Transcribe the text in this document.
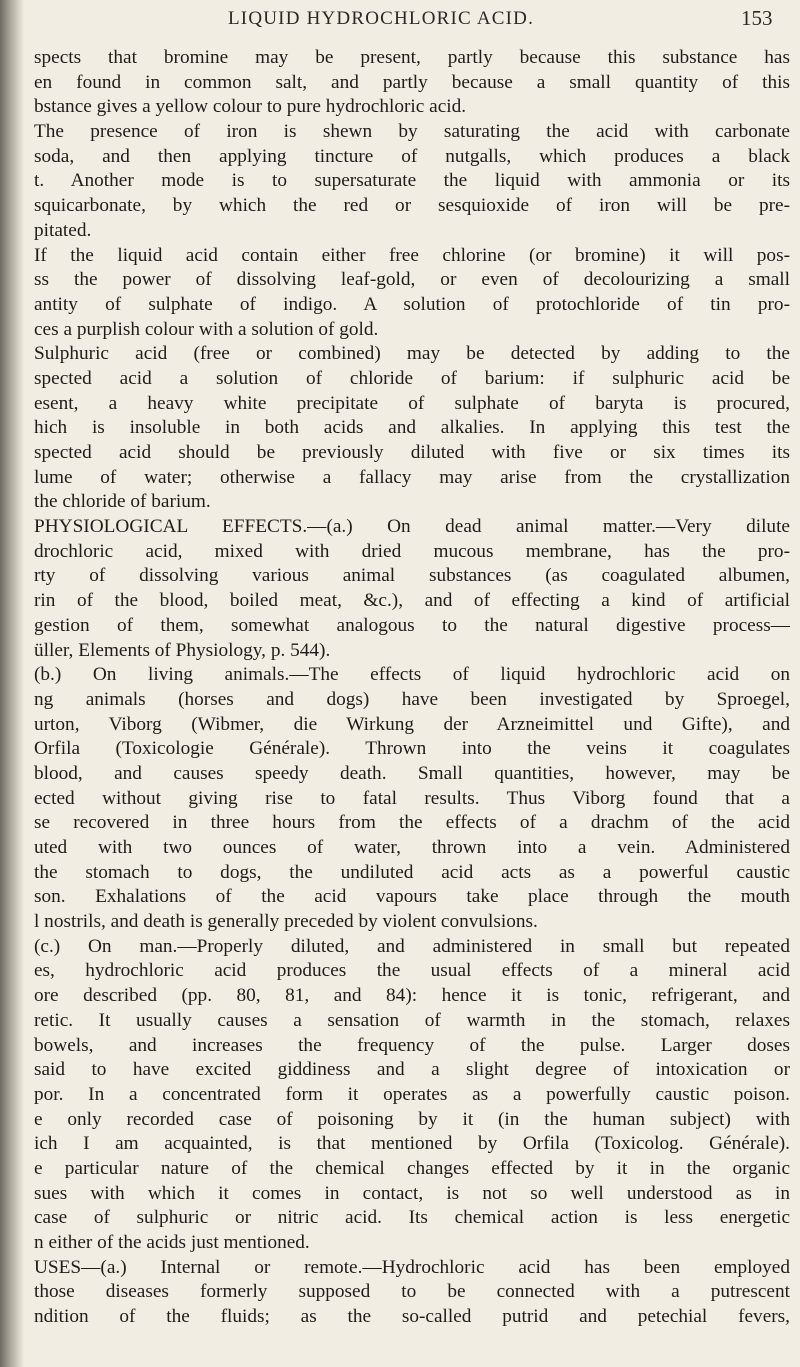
LIQUID HYDROCHLORIC ACID.	153
spects that bromine may be present, partly because this substance has
en found in common salt, and partly because a small quantity of this
bstance gives a yellow colour to pure hydrochloric acid.
The presence of iron is shewn by saturating the acid with carbonate
soda, and then applying tincture of nutgalls, which produces a black
t. Another mode is to supersaturate the liquid with ammonia or its
squicarbonate, by which the red or sesquioxide of iron will be pre-
pitated.
If the liquid acid contain either free chlorine (or bromine) it will pos-
ss the power of dissolving leaf-gold, or even of decolourizing a small
antity of sulphate of indigo. A solution of protochloride of tin pro-
ces a purplish colour with a solution of gold.
Sulphuric acid (free or combined) may be detected by adding to the
spected acid a solution of chloride of barium: if sulphuric acid be
esent, a heavy white precipitate of sulphate of baryta is procured,
hich is insoluble in both acids and alkalies. In applying this test the
spected acid should be previously diluted with five or six times its
lume of water; otherwise a fallacy may arise from the crystallization
the chloride of barium.
PHYSIOLOGICAL EFFECTS.—(a.) On dead animal matter.—Very dilute
drochloric acid, mixed with dried mucous membrane, has the pro-
rty of dissolving various animal substances (as coagulated albumen,
rin of the blood, boiled meat, &c.), and of effecting a kind of artificial
gestion of them, somewhat analogous to the natural digestive process—
üller, Elements of Physiology, p. 544).
(b.) On living animals.—The effects of liquid hydrochloric acid on
ng animals (horses and dogs) have been investigated by Sproegel,
urton, Viborg (Wibmer, die Wirkung der Arzneimittel und Gifte), and
Orfila (Toxicologie Générale). Thrown into the veins it coagulates
blood, and causes speedy death. Small quantities, however, may be
ected without giving rise to fatal results. Thus Viborg found that a
se recovered in three hours from the effects of a drachm of the acid
uted with two ounces of water, thrown into a vein. Administered
the stomach to dogs, the undiluted acid acts as a powerful caustic
son. Exhalations of the acid vapours take place through the mouth
l nostrils, and death is generally preceded by violent convulsions.
(c.) On man.—Properly diluted, and administered in small but repeated
es, hydrochloric acid produces the usual effects of a mineral acid
ore described (pp. 80, 81, and 84): hence it is tonic, refrigerant, and
retic. It usually causes a sensation of warmth in the stomach, relaxes
bowels, and increases the frequency of the pulse. Larger doses
said to have excited giddiness and a slight degree of intoxication or
por. In a concentrated form it operates as a powerfully caustic poison.
e only recorded case of poisoning by it (in the human subject) with
ich I am acquainted, is that mentioned by Orfila (Toxicolog. Générale).
e particular nature of the chemical changes effected by it in the organic
sues with which it comes in contact, is not so well understood as in
case of sulphuric or nitric acid. Its chemical action is less energetic
n either of the acids just mentioned.
USES—(a.) Internal or remote.—Hydrochloric acid has been employed
those diseases formerly supposed to be connected with a putrescent
ndition of the fluids; as the so-called putrid and petechial fevers,
